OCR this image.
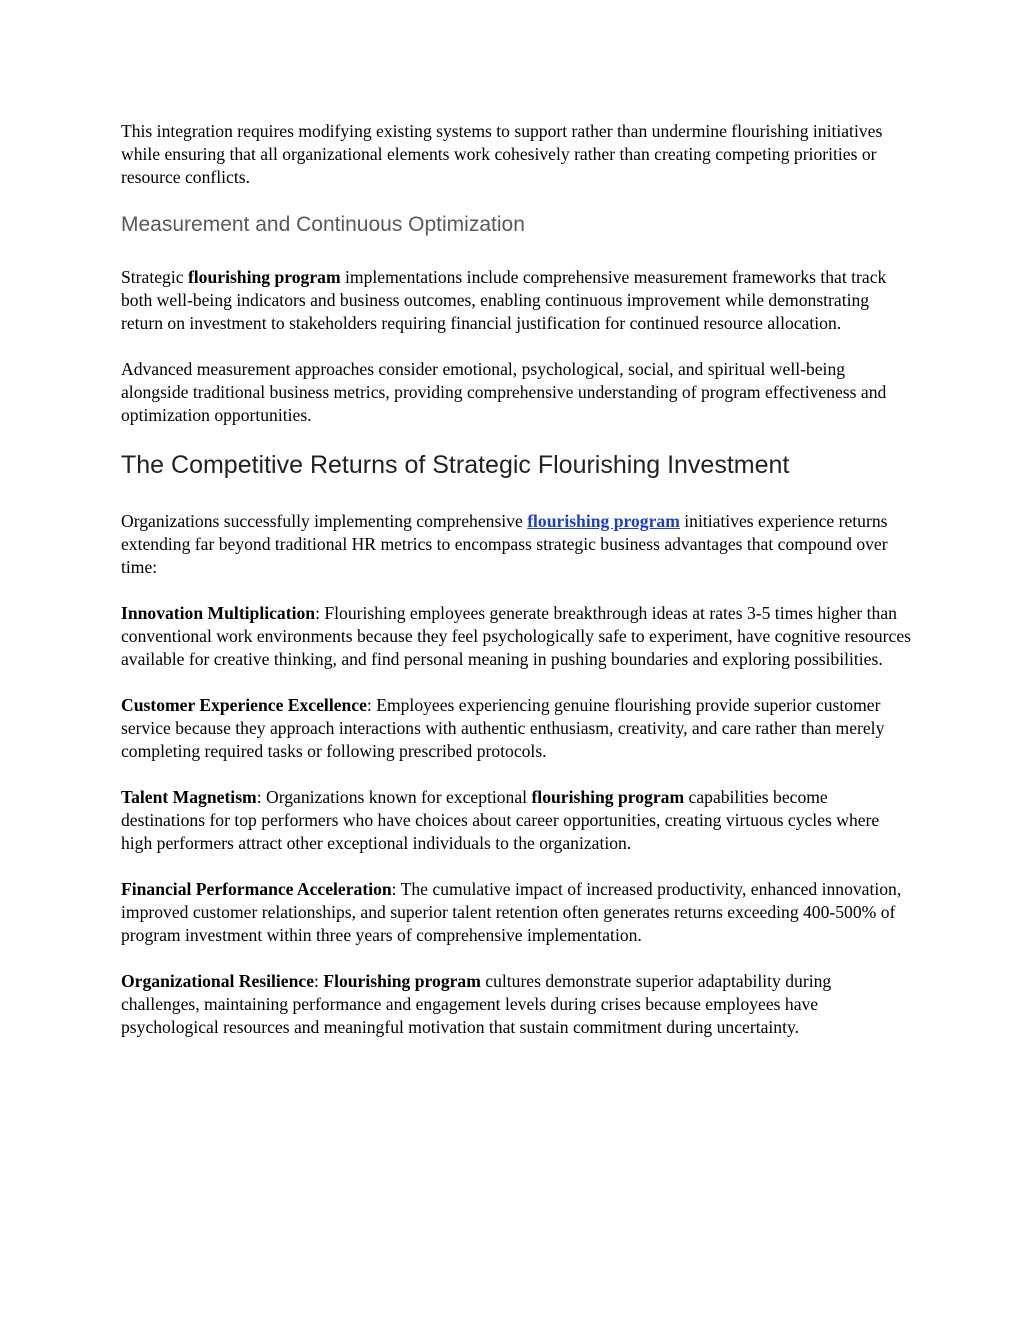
This integration requires modifying existing systems to support rather than undermine flourishing initiatives while ensuring that all organizational elements work cohesively rather than creating competing priorities or resource conflicts.

Measurement and Continuous Optimization

Strategic flourishing program implementations include comprehensive measurement frameworks that track both well-being indicators and business outcomes, enabling continuous improvement while demonstrating return on investment to stakeholders requiring financial justification for continued resource allocation.

Advanced measurement approaches consider emotional, psychological, social, and spiritual well-being alongside traditional business metrics, providing comprehensive understanding of program effectiveness and optimization opportunities.

The Competitive Returns of Strategic Flourishing Investment

Organizations successfully implementing comprehensive flourishing program initiatives experience returns extending far beyond traditional HR metrics to encompass strategic business advantages that compound over time:

Innovation Multiplication: Flourishing employees generate breakthrough ideas at rates 3-5 times higher than conventional work environments because they feel psychologically safe to experiment, have cognitive resources available for creative thinking, and find personal meaning in pushing boundaries and exploring possibilities.

Customer Experience Excellence: Employees experiencing genuine flourishing provide superior customer service because they approach interactions with authentic enthusiasm, creativity, and care rather than merely completing required tasks or following prescribed protocols.

Talent Magnetism: Organizations known for exceptional flourishing program capabilities become destinations for top performers who have choices about career opportunities, creating virtuous cycles where high performers attract other exceptional individuals to the organization.

Financial Performance Acceleration: The cumulative impact of increased productivity, enhanced innovation, improved customer relationships, and superior talent retention often generates returns exceeding 400-500% of program investment within three years of comprehensive implementation.

Organizational Resilience: Flourishing program cultures demonstrate superior adaptability during challenges, maintaining performance and engagement levels during crises because employees have psychological resources and meaningful motivation that sustain commitment during uncertainty.
